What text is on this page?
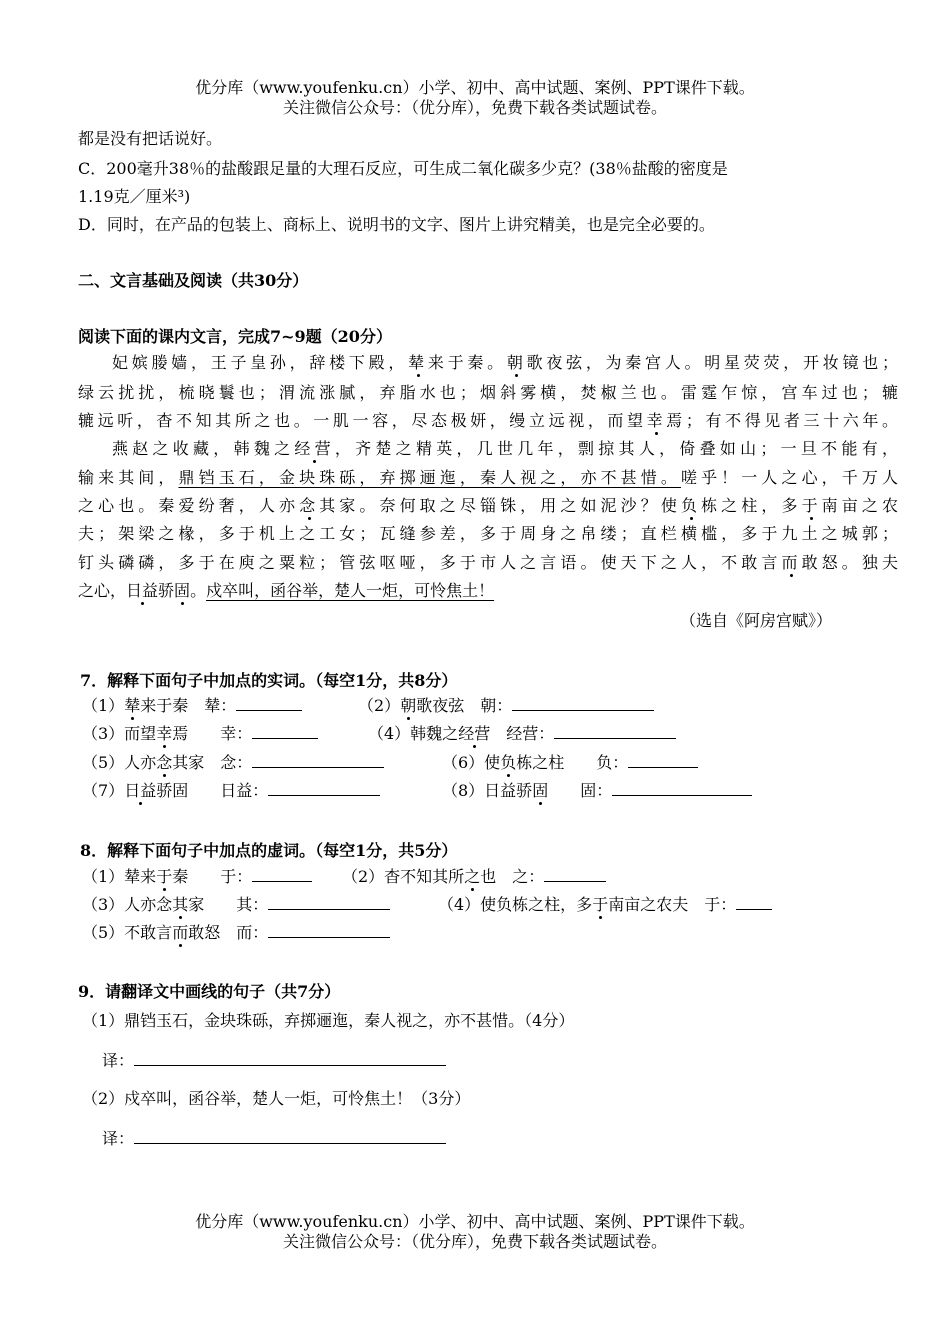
优分库（www.youfenku.cn）小学、初中、高中试题、案例、PPT课件下载。
关注微信公众号：（优分库），免费下载各类试题试卷。
都是没有把话说好。
C．200毫升38％的盐酸跟足量的大理石反应，可生成二氧化碳多少克？(38％盐酸的密度是
1.19克／厘米³)
D．同时，在产品的包装上、商标上、说明书的文字、图片上讲究精美，也是完全必要的。
二、文言基础及阅读（共30分）
阅读下面的课内文言，完成7~9题（20分）
妃嫔媵嫱，王子皇孙，辞楼下殿，辇来于秦。朝歌夜弦，为秦宫人。明星荧荧，开妆镜也；
绿云扰扰，梳晓鬟也；渭流涨腻，弃脂水也；烟斜雾横，焚椒兰也。雷霆乍惊，宫车过也；辘
辘远听，杳不知其所之也。一肌一容，尽态极妍，缦立远视，而望幸焉；有不得见者三十六年。
燕赵之收藏，韩魏之经营，齐楚之精英，几世几年，剽掠其人，倚叠如山；一旦不能有，
输来其间，鼎铛玉石，金块珠砾，弃掷逦迤，秦人视之，亦不甚惜。嗟乎！一人之心，千万人
之心也。秦爱纷奢，人亦念其家。奈何取之尽锱铢，用之如泥沙？使负栋之柱，多于南亩之农
夫；架梁之椽，多于机上之工女；瓦缝参差，多于周身之帛缕；直栏横槛，多于九土之城郭；
钉头磷磷，多于在庾之粟粒；管弦呕哑，多于市人之言语。使天下之人，不敢言而敢怒。独夫
之心，日益骄固。戍卒叫，函谷举，楚人一炬，可怜焦土！
（选自《阿房宫赋》）
7．解释下面句子中加点的实词。（每空1分，共8分）
（1）辇来于秦　辇：	（2）朝歌夜弦　朝：
（3）而望幸焉　　幸：	（4）韩魏之经营　 经营：
（5）人亦念其家　念：	（6）使负栋之柱　　负：
（7）日益骄固　　日益：	（8）日益骄固　　 固：
8．解释下面句子中加点的虚词。（每空1分，共5分）
（1）辇来于秦　　于：	（2）杳不知其所之也　之：
（3）人亦念其家　　其：	（4）使负栋之柱，多于南亩之农夫　于：
（5）不敢言而敢怒　而：
9．请翻译文中画线的句子（共7分）
（1）鼎铛玉石，金块珠砾，弃掷逦迤，秦人视之，亦不甚惜。（4分）
译：
（2）戍卒叫，函谷举，楚人一炬，可怜焦土！（3分）
译：
优分库（www.youfenku.cn）小学、初中、高中试题、案例、PPT课件下载。
关注微信公众号：（优分库），免费下载各类试题试卷。
